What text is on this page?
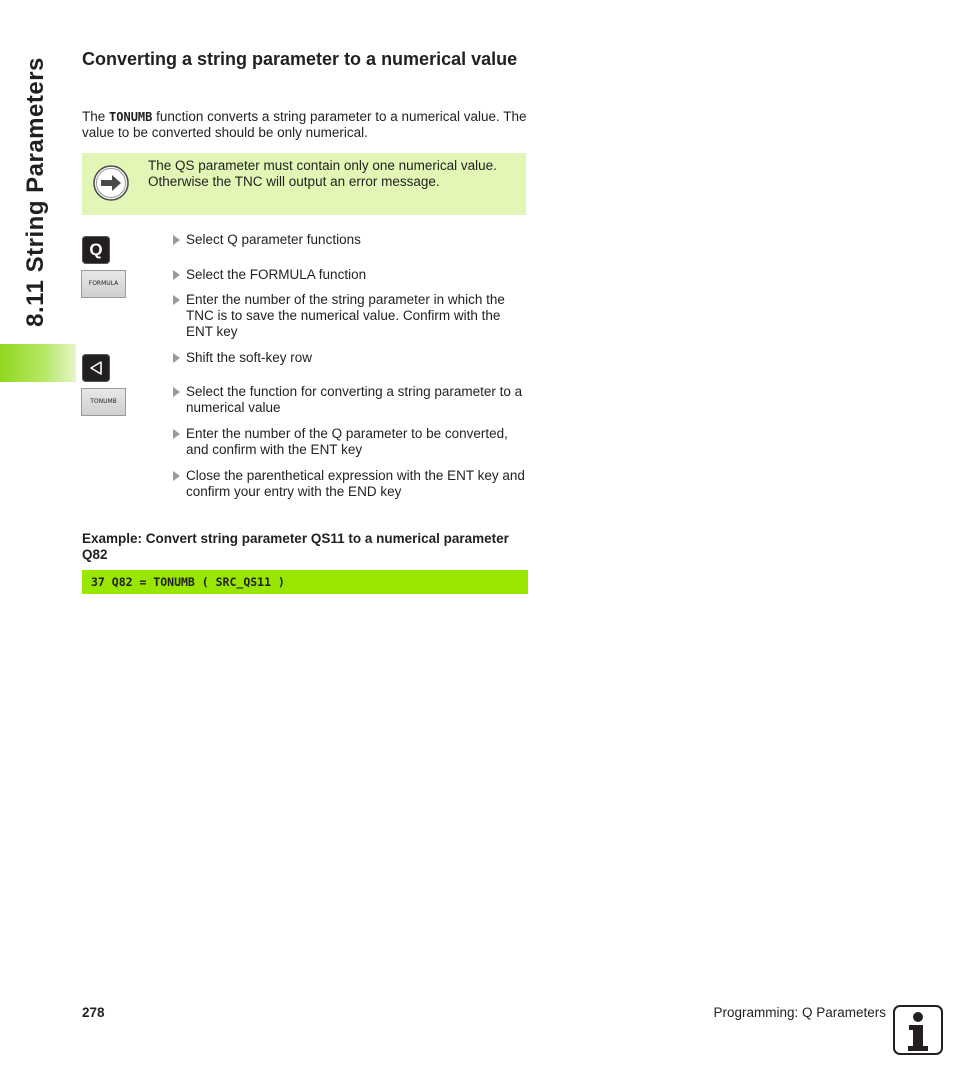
8.11 String Parameters Converting a string parameter to a numerical value

The TONUMB function converts a string parameter to a numerical value. The value to be converted should be only numerical.

The QS parameter must contain only one numerical value. Otherwise the TNC will output an error message.

Q
FORMULA
TONUMB

Select Q parameter functions

Select the FORMULA function

Enter the number of the string parameter in which the TNC is to save the numerical value. Confirm with the ENT key

Shift the soft-key row

Select the function for converting a string parameter to a numerical value

Enter the number of the Q parameter to be converted, and confirm with the ENT key

Close the parenthetical expression with the ENT key and confirm your entry with the END key

Example: Convert string parameter QS11 to a numerical parameter Q82

37 Q82 = TONUMB ( SRC_QS11 )
278	Programming: Q Parameters
